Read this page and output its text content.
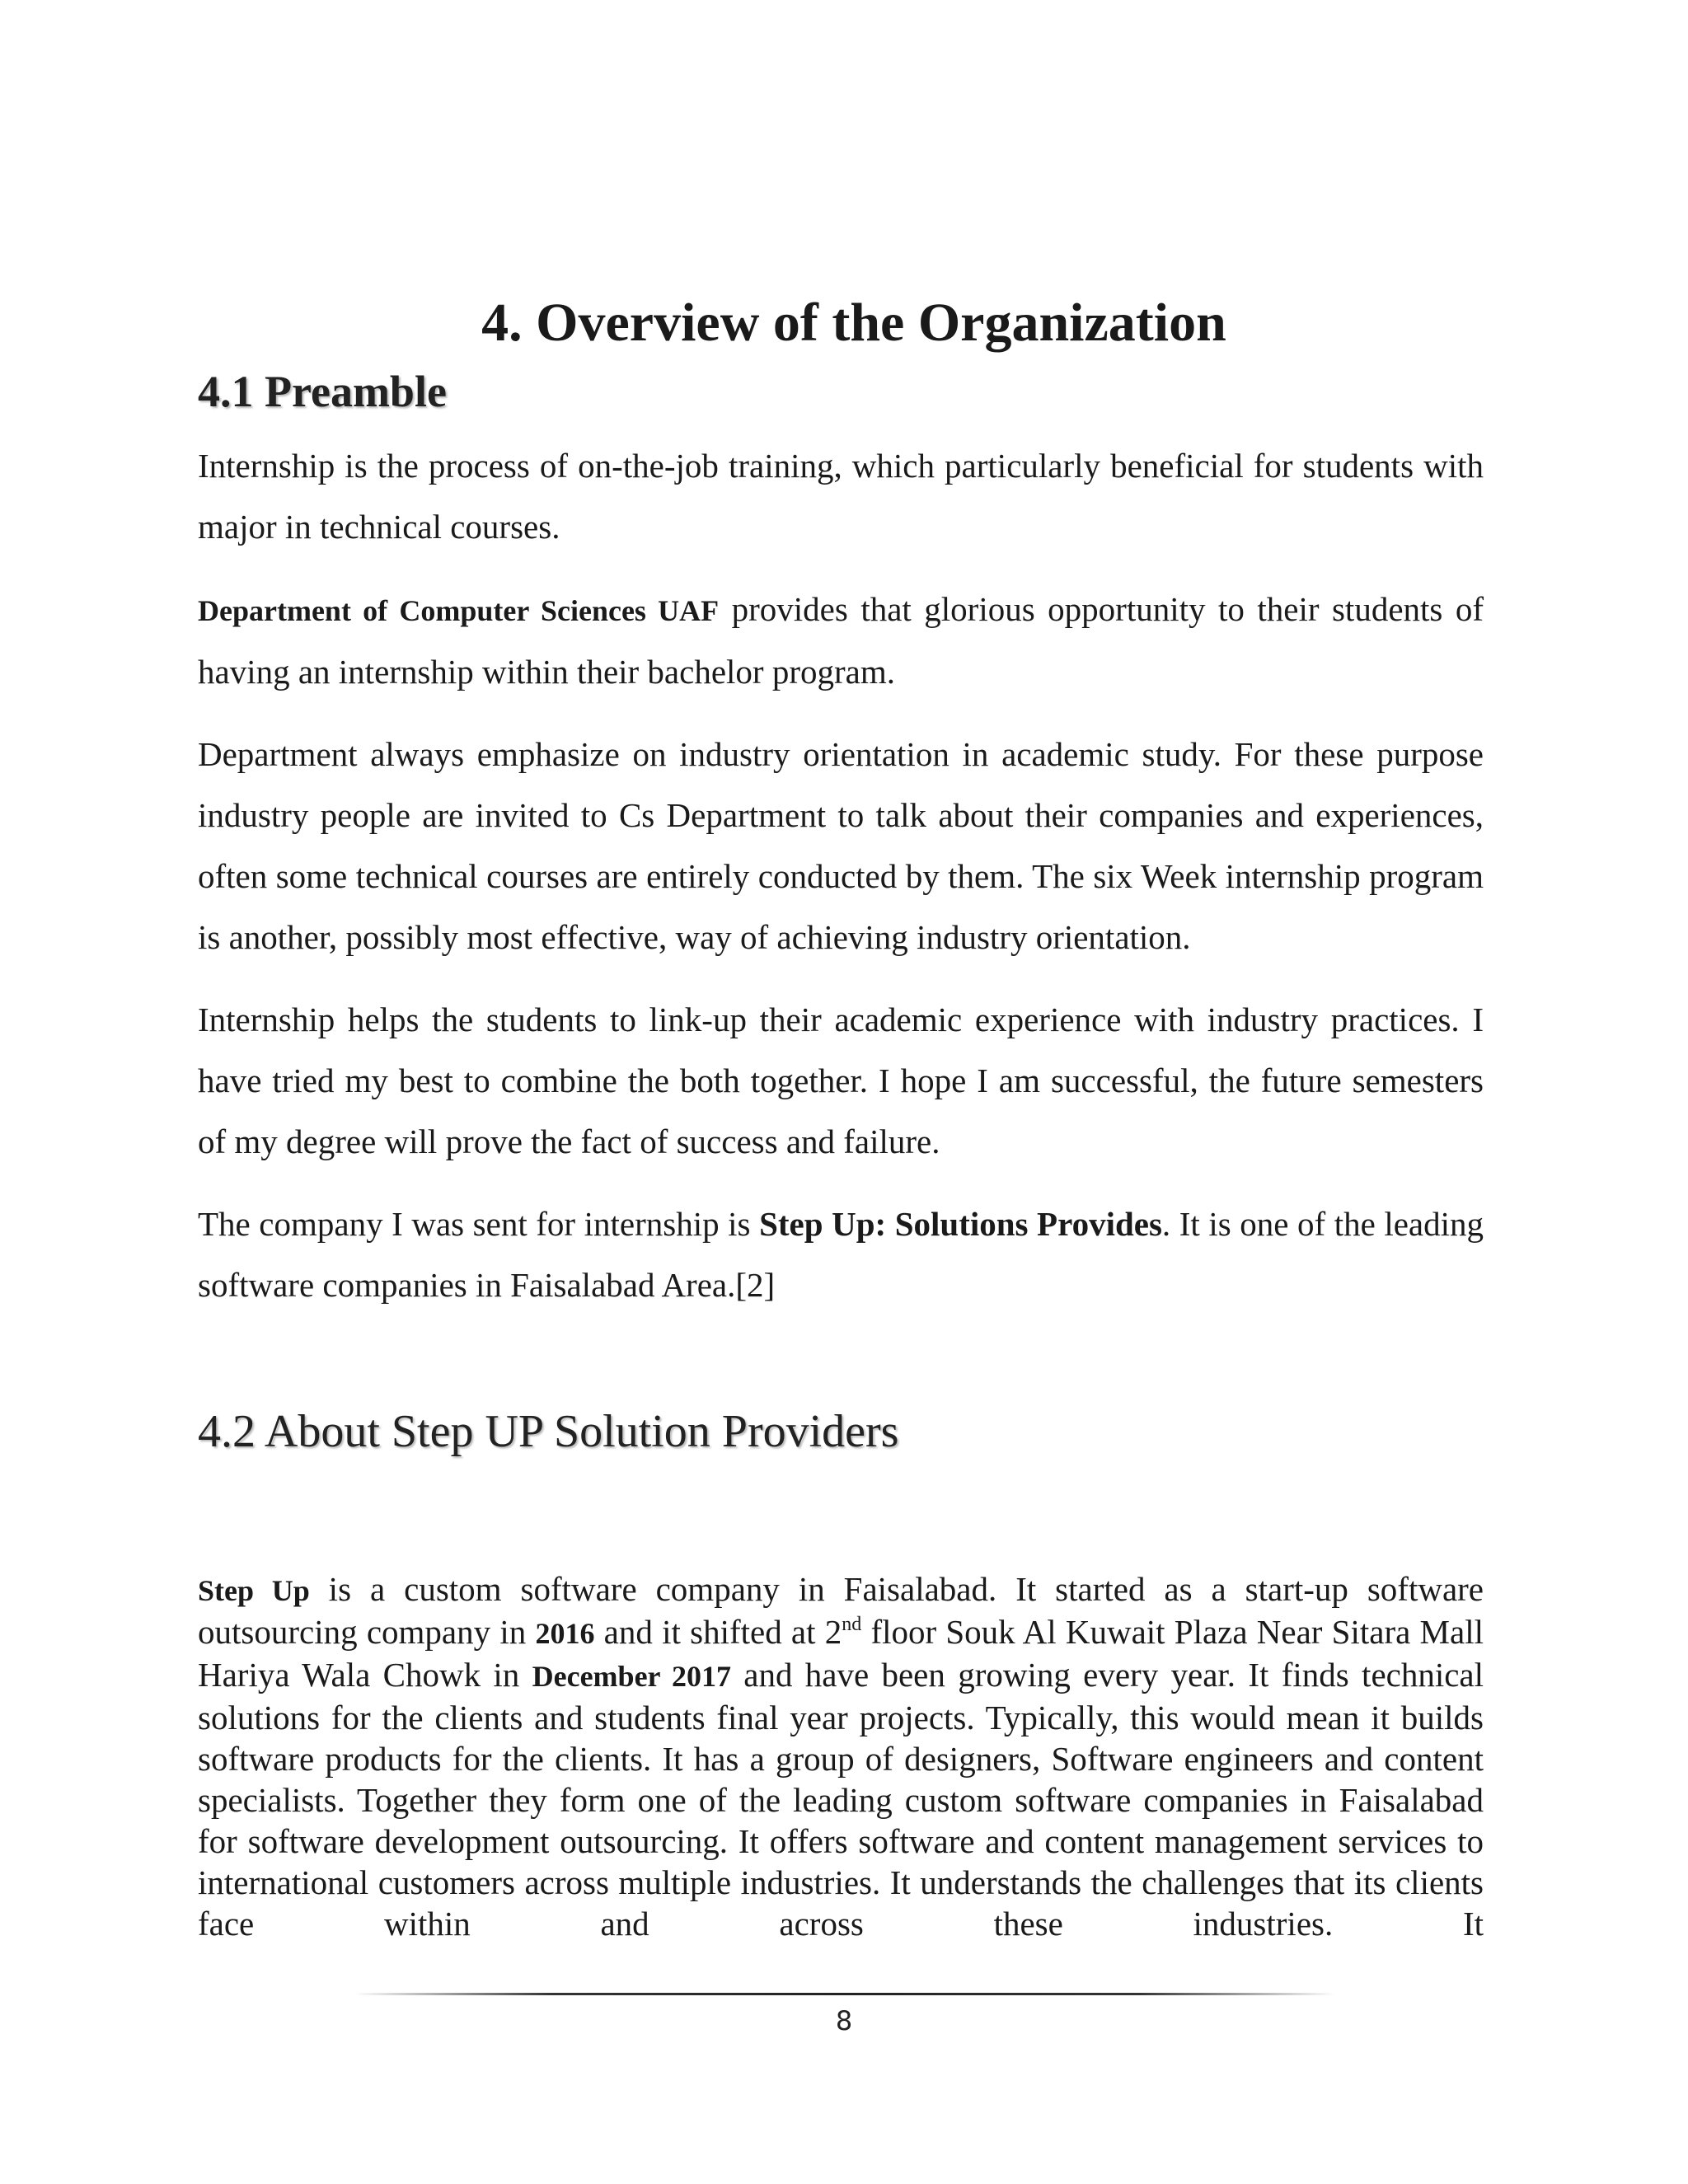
4. Overview of the Organization
4.1 Preamble

Internship is the process of on-the-job training, which particularly beneficial for students with major in technical courses.

Department of Computer Sciences UAF provides that glorious opportunity to their students of having an internship within their bachelor program.

Department always emphasize on industry orientation in academic study. For these purpose industry people are invited to Cs Department to talk about their companies and experiences, often some technical courses are entirely conducted by them. The six Week internship program is another, possibly most effective, way of achieving industry orientation.

Internship helps the students to link-up their academic experience with industry practices. I have tried my best to combine the both together. I hope I am successful, the future semesters of my degree will prove the fact of success and failure.

The company I was sent for internship is Step Up: Solutions Provides. It is one of the leading software companies in Faisalabad Area.[2]

4.2 About Step UP Solution Providers

Step Up is a custom software company in Faisalabad. It started as a start-up software outsourcing company in 2016 and it shifted at 2nd floor Souk Al Kuwait Plaza Near Sitara Mall Hariya Wala Chowk in December 2017 and have been growing every year. It finds technical solutions for the clients and students final year projects. Typically, this would mean it builds software products for the clients. It has a group of designers, Software engineers and content specialists. Together they form one of the leading custom software companies in Faisalabad for software development outsourcing. It offers software and content management services to international customers across multiple industries. It understands the challenges that its clients face within and across these industries. It

8
